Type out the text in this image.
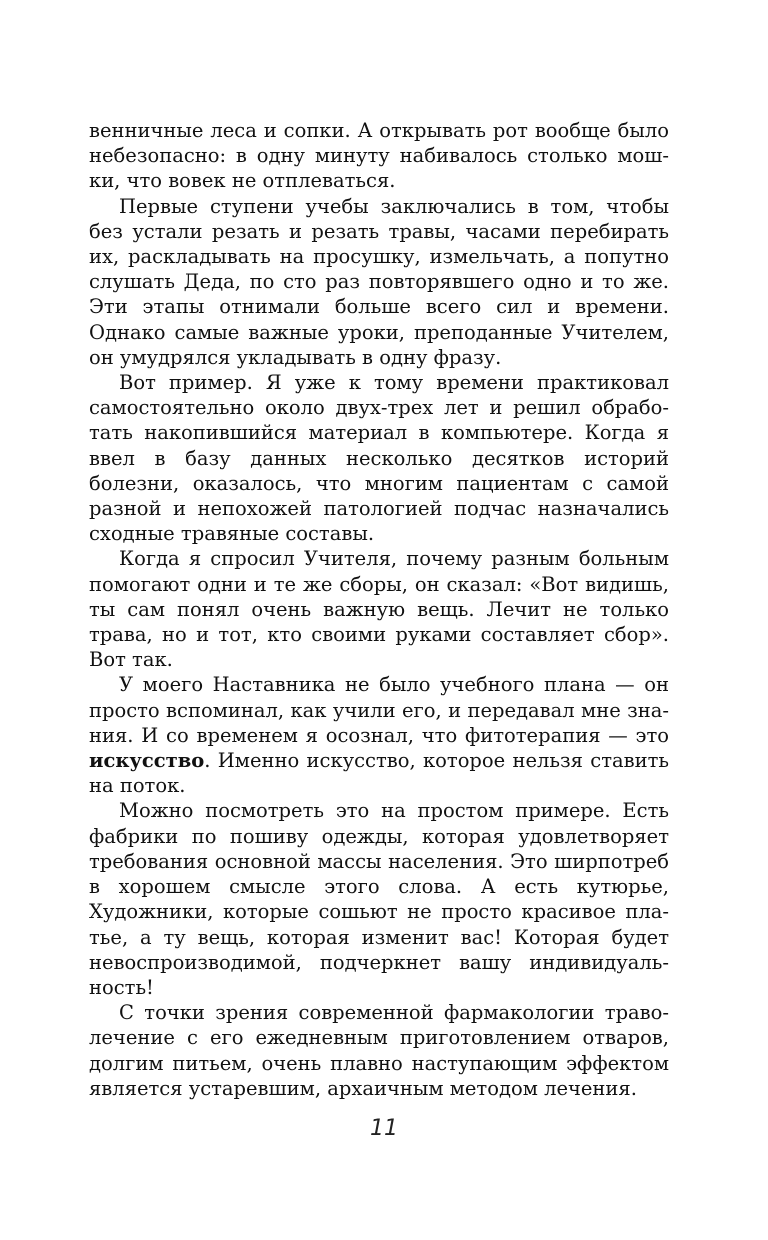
венничные леса и сопки. А открывать рот вообще было небезопасно: в одну минуту набивалось столько мошки, что вовек не отплеваться.

Первые ступени учебы заключались в том, чтобы без устали резать и резать травы, часами перебирать их, раскладывать на просушку, измельчать, а попутно слушать Деда, по сто раз повторявшего одно и то же. Эти этапы отнимали больше всего сил и времени. Однако самые важные уроки, преподанные Учителем, он умудрялся укладывать в одну фразу.

Вот пример. Я уже к тому времени практиковал самостоятельно около двух-трех лет и решил обработать накопившийся материал в компьютере. Когда я ввел в базу данных несколько десятков историй болезни, оказалось, что многим пациентам с самой разной и непохожей патологией подчас назначались сходные травяные составы.

Когда я спросил Учителя, почему разным больным помогают одни и те же сборы, он сказал: «Вот видишь, ты сам понял очень важную вещь. Лечит не только трава, но и тот, кто своими руками составляет сбор». Вот так.

У моего Наставника не было учебного плана — он просто вспоминал, как учили его, и передавал мне знания. И со временем я осознал, что фитотерапия — это искусство. Именно искусство, которое нельзя ставить на поток.

Можно посмотреть это на простом примере. Есть фабрики по пошиву одежды, которая удовлетворяет требования основной массы населения. Это ширпотреб в хорошем смысле этого слова. А есть кутюрье, Художники, которые сошьют не просто красивое платье, а ту вещь, которая изменит вас! Которая будет невоспроизводимой, подчеркнет вашу индивидуальность!

С точки зрения современной фармакологии траволечение с его ежедневным приготовлением отваров, долгим питьем, очень плавно наступающим эффектом является устаревшим, архаичным методом лечения.

11
